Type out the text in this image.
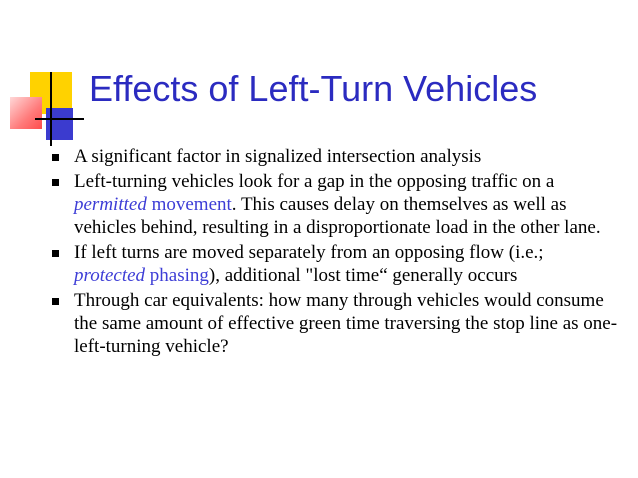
Effects of Left-Turn Vehicles
A significant factor in signalized intersection analysis
Left-turning vehicles look for a gap in the opposing traffic on a permitted movement. This causes delay on themselves as well as vehicles behind, resulting in a disproportionate load in the other lane.
If left turns are moved separately from an opposing flow (i.e.; protected phasing), additional "lost time“ generally occurs
Through car equivalents: how many through vehicles would consume the same amount of effective green time traversing the stop line as one-left-turning vehicle?
